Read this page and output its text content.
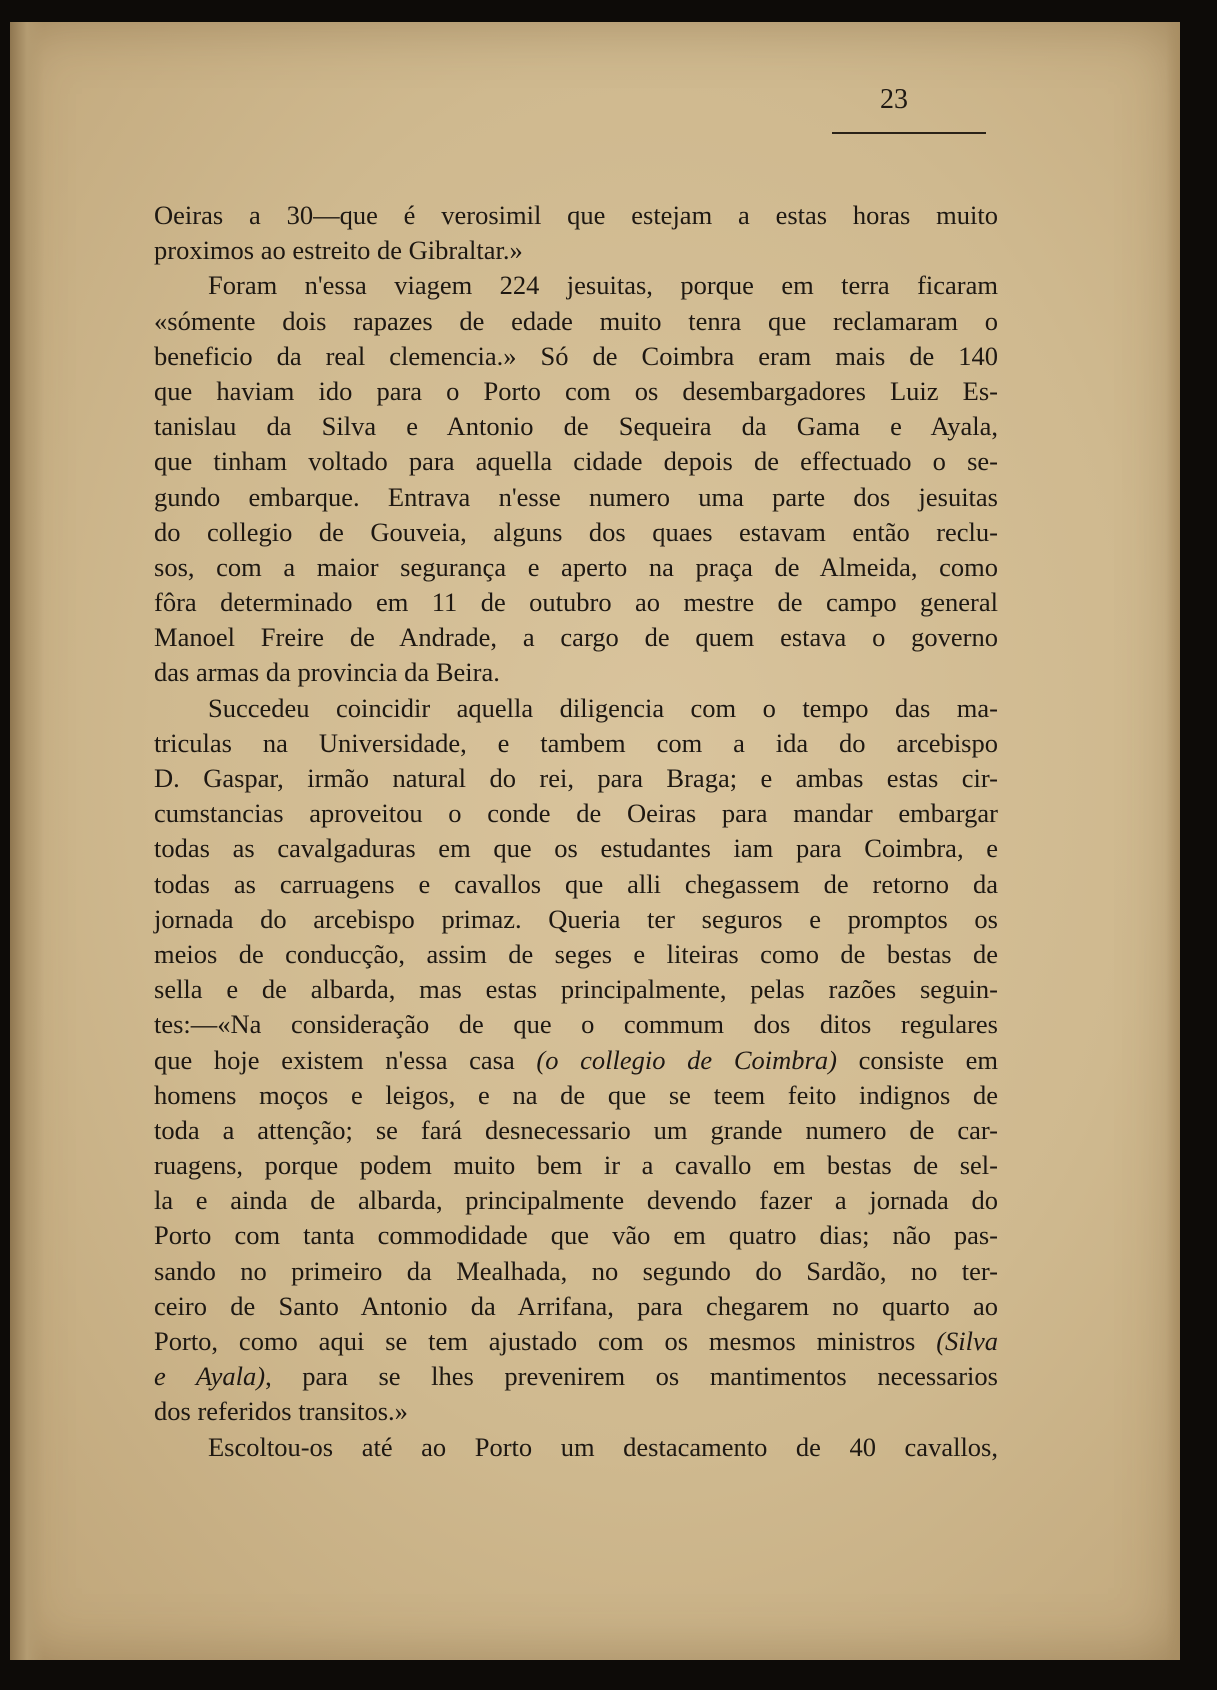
23
Oeiras a 30—que é verosimil que estejam a estas horas muito
proximos ao estreito de Gibraltar.»
Foram n'essa viagem 224 jesuitas, porque em terra ficaram
«sómente dois rapazes de edade muito tenra que reclamaram o
beneficio da real clemencia.» Só de Coimbra eram mais de 140
que haviam ido para o Porto com os desembargadores Luiz Es-
tanislau da Silva e Antonio de Sequeira da Gama e Ayala,
que tinham voltado para aquella cidade depois de effectuado o se-
gundo embarque. Entrava n'esse numero uma parte dos jesuitas
do collegio de Gouveia, alguns dos quaes estavam então reclu-
sos, com a maior segurança e aperto na praça de Almeida, como
fôra determinado em 11 de outubro ao mestre de campo general
Manoel Freire de Andrade, a cargo de quem estava o governo
das armas da provincia da Beira.
Succedeu coincidir aquella diligencia com o tempo das ma-
triculas na Universidade, e tambem com a ida do arcebispo
D. Gaspar, irmão natural do rei, para Braga; e ambas estas cir-
cumstancias aproveitou o conde de Oeiras para mandar embargar
todas as cavalgaduras em que os estudantes iam para Coimbra, e
todas as carruagens e cavallos que alli chegassem de retorno da
jornada do arcebispo primaz. Queria ter seguros e promptos os
meios de conducção, assim de seges e liteiras como de bestas de
sella e de albarda, mas estas principalmente, pelas razões seguin-
tes:—«Na consideração de que o commum dos ditos regulares
que hoje existem n'essa casa (o collegio de Coimbra) consiste em
homens moços e leigos, e na de que se teem feito indignos de
toda a attenção; se fará desnecessario um grande numero de car-
ruagens, porque podem muito bem ir a cavallo em bestas de sel-
la e ainda de albarda, principalmente devendo fazer a jornada do
Porto com tanta commodidade que vão em quatro dias; não pas-
sando no primeiro da Mealhada, no segundo do Sardão, no ter-
ceiro de Santo Antonio da Arrifana, para chegarem no quarto ao
Porto, como aqui se tem ajustado com os mesmos ministros (Silva
e Ayala), para se lhes prevenirem os mantimentos necessarios
dos referidos transitos.»
Escoltou-os até ao Porto um destacamento de 40 cavallos,
